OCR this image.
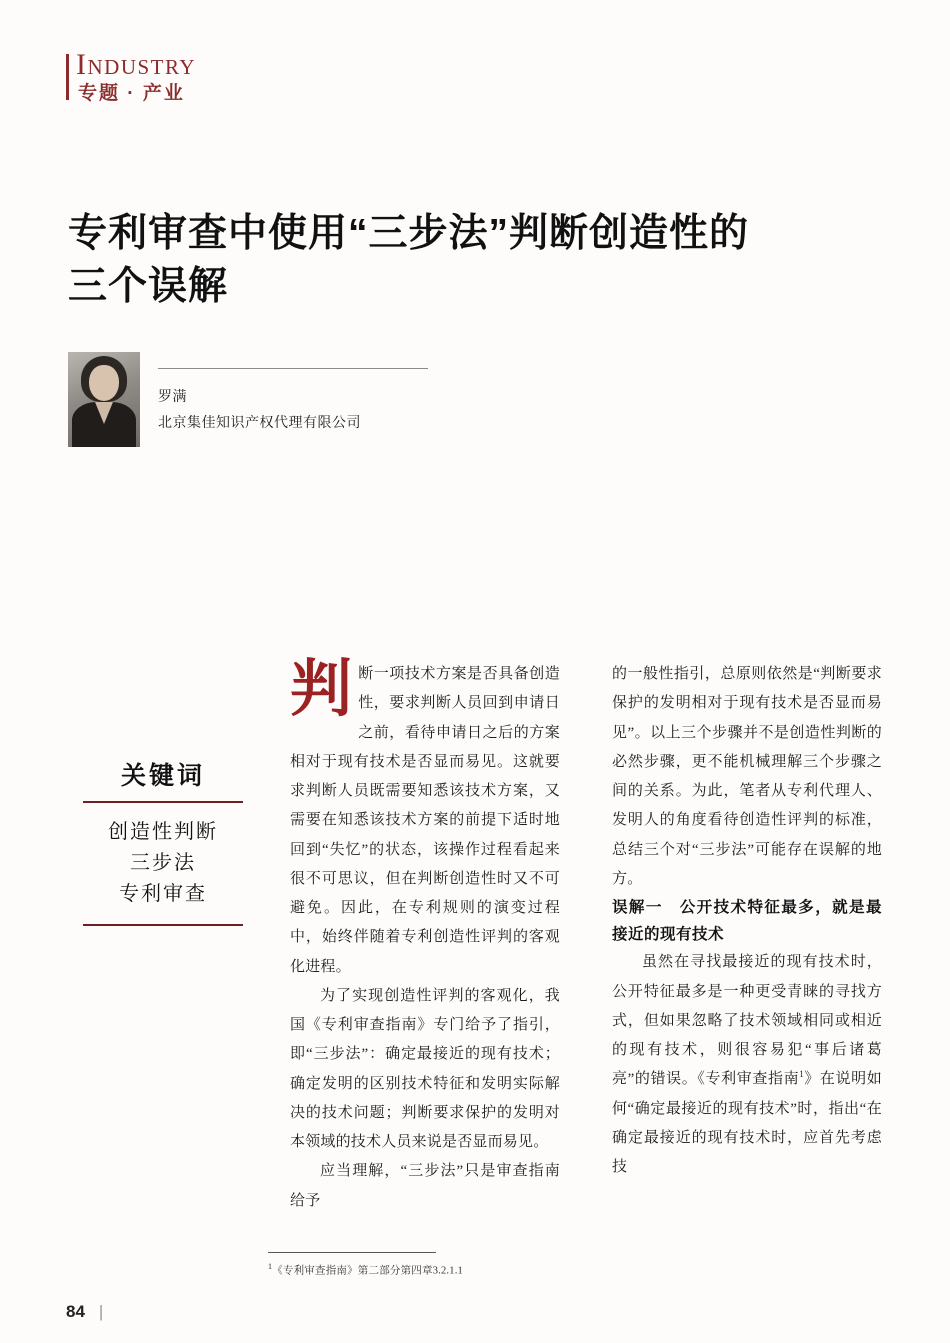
INDUSTRY
专题 · 产业
专利审查中使用“三步法”判断创造性的
三个误解
罗满
北京集佳知识产权代理有限公司
关键词
创造性判断
三步法
专利审查

判断一项技术方案是否具备创造性，要求判断人员回到申请日之前，看待申请日之后的方案相对于现有技术是否显而易见。这就要求判断人员既需要知悉该技术方案，又需要在知悉该技术方案的前提下适时地回到“失忆”的状态，该操作过程看起来很不可思议，但在判断创造性时又不可避免。因此，在专利规则的演变过程中，始终伴随着专利创造性评判的客观化进程。

为了实现创造性评判的客观化，我国《专利审查指南》专门给予了指引，即“三步法”：确定最接近的现有技术；确定发明的区别技术特征和发明实际解决的技术问题；判断要求保护的发明对本领域的技术人员来说是否显而易见。

应当理解，“三步法”只是审查指南给予

的一般性指引，总原则依然是“判断要求保护的发明相对于现有技术是否显而易见”。以上三个步骤并不是创造性判断的必然步骤，更不能机械理解三个步骤之间的关系。为此，笔者从专利代理人、发明人的角度看待创造性评判的标准，总结三个对“三步法”可能存在误解的地方。

误解一　公开技术特征最多，就是最接近的现有技术

虽然在寻找最接近的现有技术时，公开特征最多是一种更受青睐的寻找方式，但如果忽略了技术领域相同或相近的现有技术，则很容易犯“事后诸葛亮”的错误。《专利审查指南$^1$》在说明如何“确定最接近的现有技术”时，指出“在确定最接近的现有技术时，应首先考虑技

$^1$《专利审查指南》第二部分第四章3.2.1.1
84 |
